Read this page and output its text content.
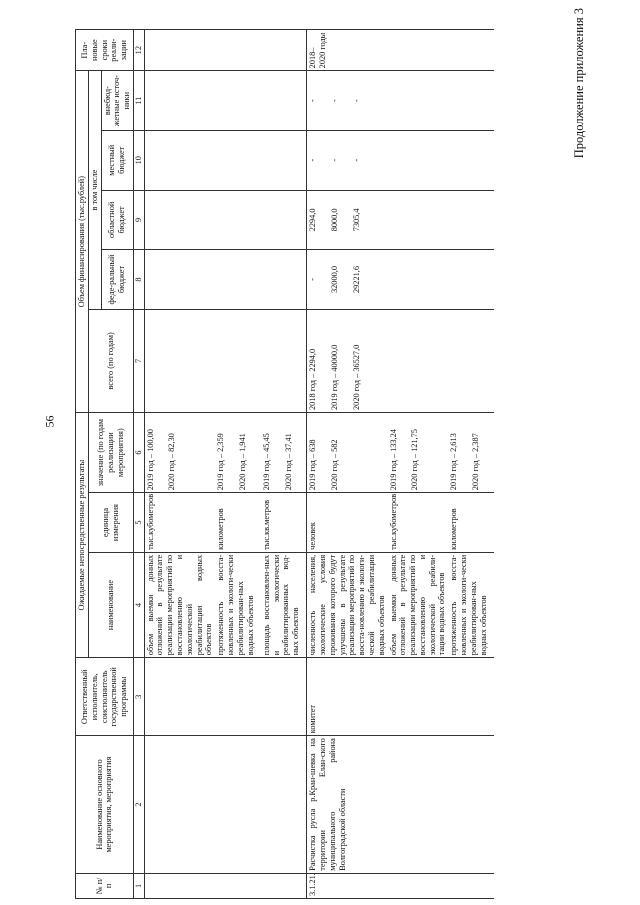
56
Продолжение приложения 3
№ п/п	Наименование основного мероприятия, мероприятия	Ответственный исполнитель, соисполнитель государственной программы	Ожидаемые непосредственные результаты			Объем финансирования (тыс.рублей)					Пла-новые сроки реали-зации
			наименование	единица измерения	значение (по годам реализации мероприятия)	всего (по годам)	в том числе				
							феде-ральный бюджет	областной бюджет	местный бюджет	внебюд-жетные источ-ники	
1	2	3	4	5	6	7	8	9	10	11	12
			объем выемки донных отложений в результате реализации мероприятий по восстановлению и экологической реабилитации водных объектов	тыс.кубометров	2019 год – 100,00 2020 год – 82,30						

			протяженность восста-новленных и экологи-чески реабилитирован-ных водных объектов	километров	2019 год – 2,359 2020 год – 1,941						

			площадь восстановлен-ных и экологически реабилитированных вод-ных объектов	тыс.кв.метров	2019 год – 45,45 2020 год – 37,41						

3.1.21.	Расчистка русла р.Кран-шевка на территории Елан-ского муниципального района Волгоградской области	комитет	численность населения, экологические условия проживания которого будут улучшены в результате реализации мероприятий по восста-новлению и экологи-ческой реабилитации водных объектов	человек	2019 год – 638 2020 год – 582	2018 год – 2294,0 2019 год – 40000,0 2020 год – 36527,0	- 32000,0 29221,6	2294,0 8000,0 7305,4	- - -	- - -	2018–2020 годы
			объем выемки донных отложений в результате реализации мероприятий по восстановлению и экологической реабили-тации водных объектов	тыс.кубометров	2019 год – 133,24 2020 год – 121,75						

			протяженность восста-новленных и экологи-чески реабилитирован-ных водных объектов	километров	2019 год – 2,613 2020 год – 2,387						
